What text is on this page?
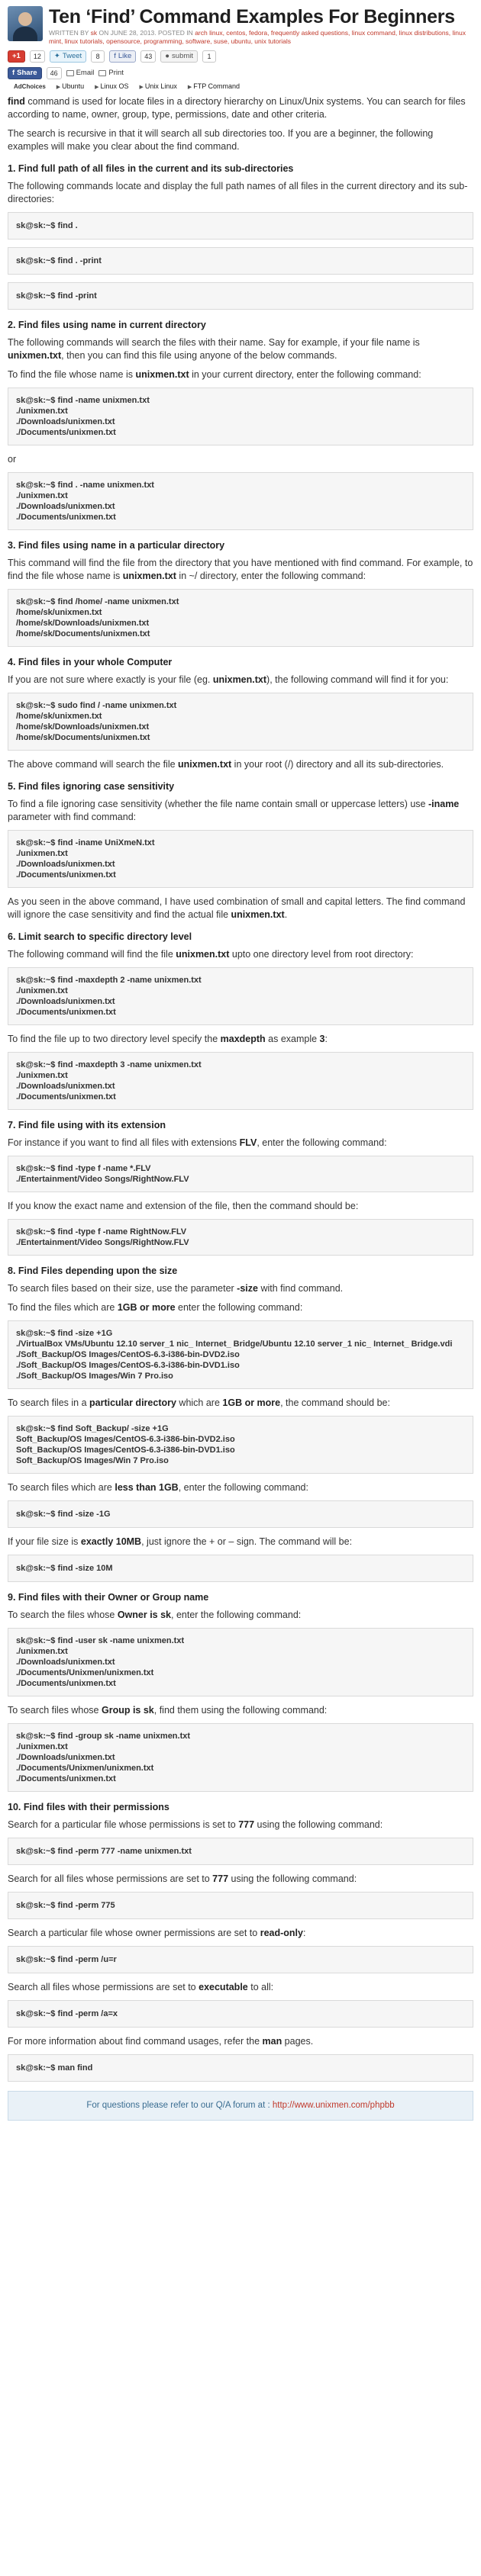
Ten ‘Find’ Command Examples For Beginners
WRITTEN BY sk ON JUNE 28, 2013. POSTED IN arch linux, centos, fedora, frequently asked questions, linux command, linux distributions, linux mint, linux tutorials, opensource, programming, software, suse, ubuntu, unix tutorials
+1	12	✦ Tweet	8	f Like	43	● submit	1
f Share	46	Email Print
AdChoices	▶ Ubuntu	▶ Linux OS	▶ Unix Linux	▶ FTP Command

find command is used for locate files in a directory hierarchy on Linux/Unix systems. You can search for files according to name, owner, group, type, permissions, date and other criteria.

The search is recursive in that it will search all sub directories too. If you are a beginner, the following examples will make you clear about the find command.

1. Find full path of all files in the current and its sub-directories

The following commands locate and display the full path names of all files in the current directory and its sub-directories:

sk@sk:~$ find .
sk@sk:~$ find . -print
sk@sk:~$ find -print
2. Find files using name in current directory

The following commands will search the files with their name. Say for example, if your file name is unixmen.txt, then you can find this file using anyone of the below commands.

To find the file whose name is unixmen.txt in your current directory, enter the following command:

sk@sk:~$ find -name unixmen.txt
./unixmen.txt
./Downloads/unixmen.txt
./Documents/unixmen.txt

or

sk@sk:~$ find . -name unixmen.txt
./unixmen.txt
./Downloads/unixmen.txt
./Documents/unixmen.txt
3. Find files using name in a particular directory

This command will find the file from the directory that you have mentioned with find command. For example, to find the file whose name is unixmen.txt in ~/ directory, enter the following command:

sk@sk:~$ find /home/ -name unixmen.txt
/home/sk/unixmen.txt
/home/sk/Downloads/unixmen.txt
/home/sk/Documents/unixmen.txt
4. Find files in your whole Computer

If you are not sure where exactly is your file (eg. unixmen.txt), the following command will find it for you:

sk@sk:~$ sudo find / -name unixmen.txt
/home/sk/unixmen.txt
/home/sk/Downloads/unixmen.txt
/home/sk/Documents/unixmen.txt

The above command will search the file unixmen.txt in your root (/) directory and all its sub-directories.

5. Find files ignoring case sensitivity

To find a file ignoring case sensitivity (whether the file name contain small or uppercase letters) use -iname parameter with find command:

sk@sk:~$ find -iname UniXmeN.txt
./unixmen.txt
./Downloads/unixmen.txt
./Documents/unixmen.txt

As you seen in the above command, I have used combination of small and capital letters. The find command will ignore the case sensitivity and find the actual file unixmen.txt.

6. Limit search to specific directory level

The following command will find the file unixmen.txt upto one directory level from root directory:

sk@sk:~$ find -maxdepth 2 -name unixmen.txt
./unixmen.txt
./Downloads/unixmen.txt
./Documents/unixmen.txt

To find the file up to two directory level specify the maxdepth as example 3:

sk@sk:~$ find -maxdepth 3 -name unixmen.txt
./unixmen.txt
./Downloads/unixmen.txt
./Documents/unixmen.txt
7. Find file using with its extension

For instance if you want to find all files with extensions FLV, enter the following command:

sk@sk:~$ find -type f -name *.FLV
./Entertainment/Video Songs/RightNow.FLV

If you know the exact name and extension of the file, then the command should be:

sk@sk:~$ find -type f -name RightNow.FLV
./Entertainment/Video Songs/RightNow.FLV
8. Find Files depending upon the size

To search files based on their size, use the parameter -size with find command.

To find the files which are 1GB or more enter the following command:

sk@sk:~$ find -size +1G
./VirtualBox VMs/Ubuntu 12.10 server_1 nic_ Internet_ Bridge/Ubuntu 12.10 server_1 nic_ Internet_ Bridge.vdi
./Soft_Backup/OS Images/CentOS-6.3-i386-bin-DVD2.iso
./Soft_Backup/OS Images/CentOS-6.3-i386-bin-DVD1.iso
./Soft_Backup/OS Images/Win 7 Pro.iso

To search files in a particular directory which are 1GB or more, the command should be:

sk@sk:~$ find Soft_Backup/ -size +1G
Soft_Backup/OS Images/CentOS-6.3-i386-bin-DVD2.iso
Soft_Backup/OS Images/CentOS-6.3-i386-bin-DVD1.iso
Soft_Backup/OS Images/Win 7 Pro.iso

To search files which are less than 1GB, enter the following command:

sk@sk:~$ find -size -1G

If your file size is exactly 10MB, just ignore the + or – sign. The command will be:

sk@sk:~$ find -size 10M
9. Find files with their Owner or Group name

To search the files whose Owner is sk, enter the following command:

sk@sk:~$ find -user sk -name unixmen.txt
./unixmen.txt
./Downloads/unixmen.txt
./Documents/Unixmen/unixmen.txt
./Documents/unixmen.txt

To search files whose Group is sk, find them using the following command:

sk@sk:~$ find -group sk -name unixmen.txt
./unixmen.txt
./Downloads/unixmen.txt
./Documents/Unixmen/unixmen.txt
./Documents/unixmen.txt
10. Find files with their permissions

Search for a particular file whose permissions is set to 777 using the following command:

sk@sk:~$ find -perm 777 -name unixmen.txt

Search for all files whose permissions are set to 777 using the following command:

sk@sk:~$ find -perm 775

Search a particular file whose owner permissions are set to read-only:

sk@sk:~$ find -perm /u=r

Search all files whose permissions are set to executable to all:

sk@sk:~$ find -perm /a=x

For more information about find command usages, refer the man pages.

sk@sk:~$ man find
For questions please refer to our Q/A forum at : http://www.unixmen.com/phpbb
